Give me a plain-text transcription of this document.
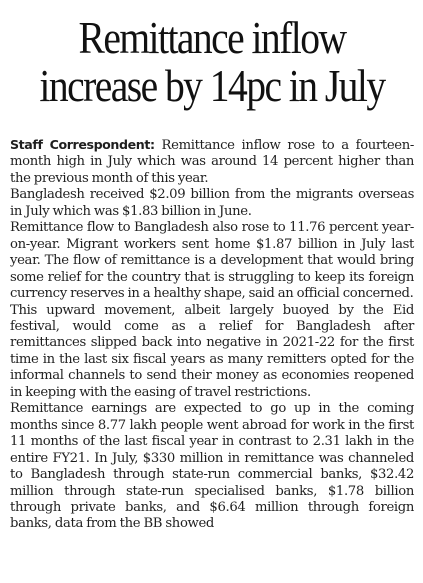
Remittance inflow
increase by 14pc in July

Staff Correspondent: Remittance inflow rose to a fourteen-month high in July which was around 14 percent higher than the previous month of this year.

Bangladesh received $2.09 billion from the migrants overseas in July which was $1.83 billion in June.

Remittance flow to Bangladesh also rose to 11.76 percent year-on-year. Migrant workers sent home $1.87 billion in July last year. The flow of remittance is a development that would bring some relief for the country that is struggling to keep its foreign currency reserves in a healthy shape, said an official concerned.

This upward movement, albeit largely buoyed by the Eid festival, would come as a relief for Bangladesh after remittances slipped back into negative in 2021-22 for the first time in the last six fiscal years as many remitters opted for the informal channels to send their money as economies reopened in keeping with the easing of travel restrictions.

Remittance earnings are expected to go up in the coming months since 8.77 lakh people went abroad for work in the first 11 months of the last fiscal year in contrast to 2.31 lakh in the entire FY21. In July, $330 million in remittance was channeled to Bangladesh through state-run commercial banks, $32.42 million through state-run specialised banks, $1.78 billion through private banks, and $6.64 million through foreign banks, data from the BB showed
